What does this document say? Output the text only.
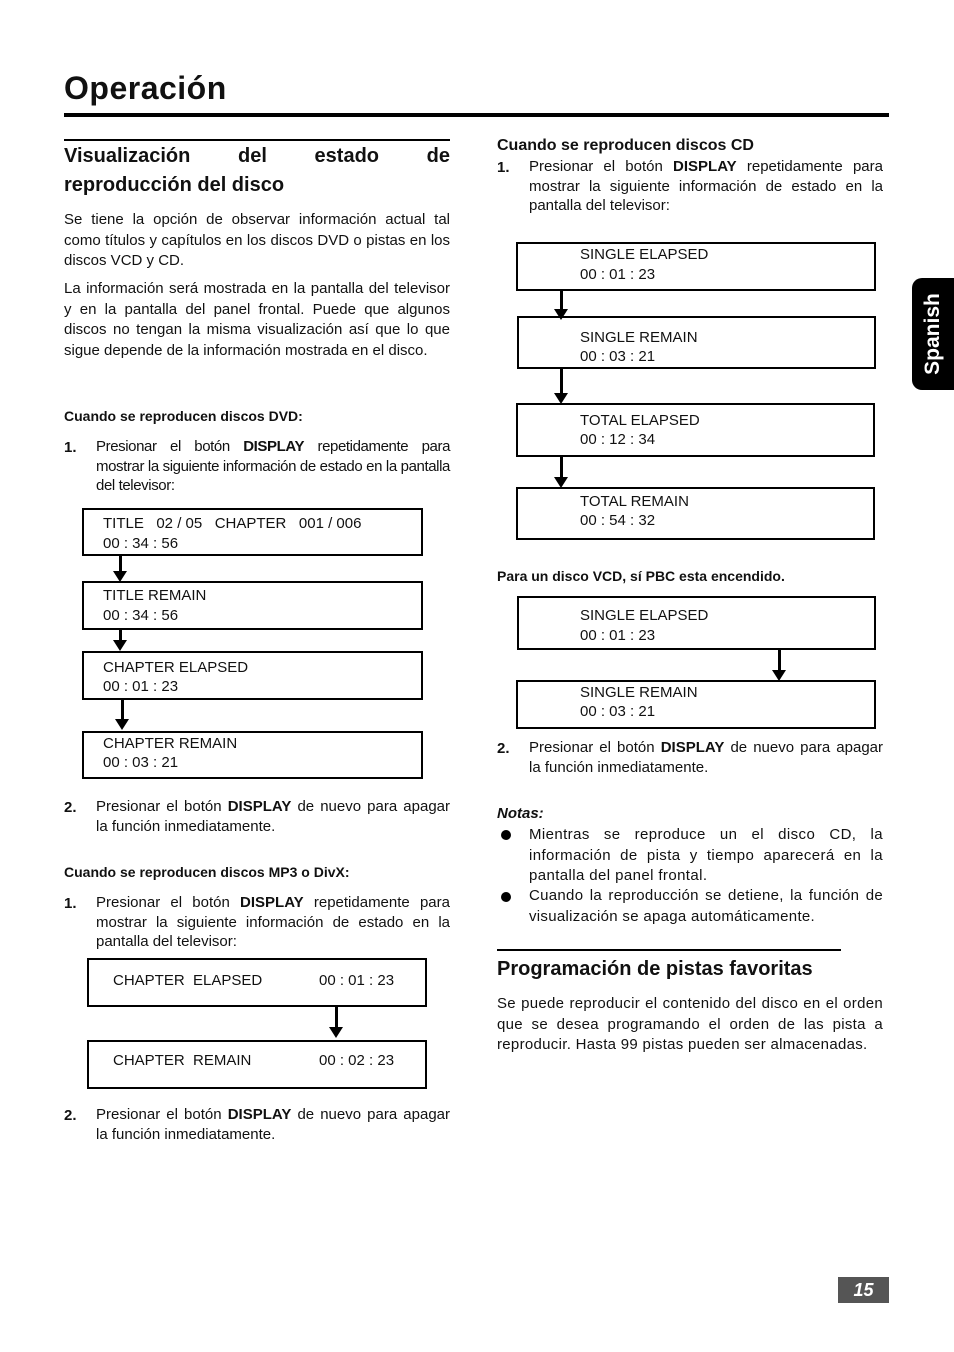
Operación
Spanish
Visualización del estado de
reproducción del disco
Se tiene la opción de observar información actual tal como títulos y capítulos en los discos DVD o pistas en los discos VCD y CD.
La información será mostrada en la pantalla del televisor y en la pantalla del panel frontal. Puede que algunos discos no tengan la misma visualización así que lo que sigue depende de la información mostrada en el disco.
Cuando se reproducen discos DVD:
1. Presionar el botón DISPLAY repetidamente para mostrar la siguiente información de estado en la pantalla del televisor:
TITLE   02 / 05   CHAPTER   001 / 006
00 : 34 : 56
TITLE REMAIN
00 : 34 : 56
CHAPTER ELAPSED
00 : 01 : 23
CHAPTER REMAIN
00 : 03 : 21
2. Presionar el botón DISPLAY de nuevo para apagar la función inmediatamente.
Cuando se reproducen discos MP3 o DivX:
1. Presionar el botón DISPLAY repetidamente para mostrar la siguiente información de estado en la pantalla del televisor:
CHAPTER  ELAPSED	00 : 01 : 23
CHAPTER  REMAIN	00 : 02 : 23
2. Presionar el botón DISPLAY de nuevo para apagar la función inmediatamente.
Cuando se reproducen discos CD
1. Presionar el botón DISPLAY repetidamente para mostrar la siguiente información de estado en la pantalla del televisor:
SINGLE ELAPSED
00 : 01 : 23
SINGLE REMAIN
00 : 03 : 21
TOTAL ELAPSED
00 : 12 : 34
TOTAL REMAIN
00 : 54 : 32
Para un disco VCD, sí PBC esta encendido.
SINGLE ELAPSED
00 : 01 : 23
SINGLE REMAIN
00 : 03 : 21
2. Presionar el botón DISPLAY de nuevo para apagar la función inmediatamente.
Notas:
Mientras se reproduce un el disco CD, la información de pista y tiempo aparecerá en la pantalla del panel frontal.
Cuando la reproducción se detiene, la función de visualización se apaga automáticamente.
Programación de pistas favoritas
Se puede reproducir el contenido del disco en el orden que se desea programando el orden de las pista a reproducir. Hasta 99 pistas pueden ser almacenadas.
15
